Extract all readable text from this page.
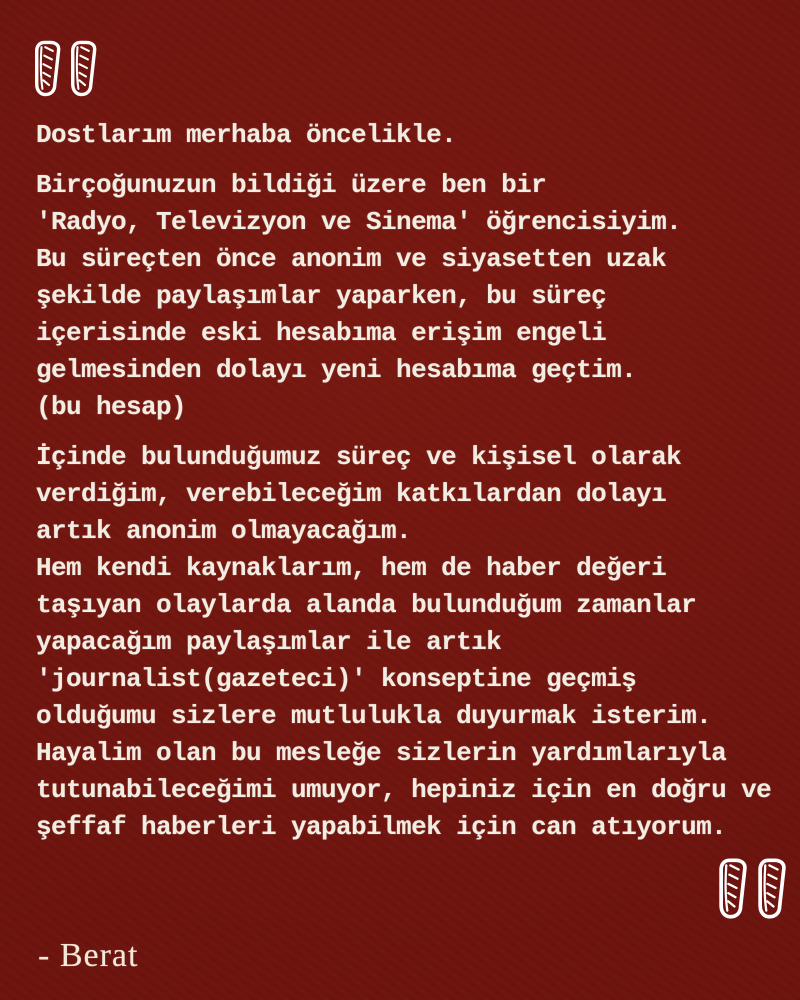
Dostlarım merhaba öncelikle.
Birçoğunuzun bildiği üzere ben bir
'Radyo, Televizyon ve Sinema' öğrencisiyim.
Bu süreçten önce anonim ve siyasetten uzak
şekilde paylaşımlar yaparken, bu süreç
içerisinde eski hesabıma erişim engeli
gelmesinden dolayı yeni hesabıma geçtim.
(bu hesap)
İçinde bulunduğumuz süreç ve kişisel olarak
verdiğim, verebileceğim katkılardan dolayı
artık anonim olmayacağım.
Hem kendi kaynaklarım, hem de haber değeri
taşıyan olaylarda alanda bulunduğum zamanlar
yapacağım paylaşımlar ile artık
'journalist(gazeteci)' konseptine geçmiş
olduğumu sizlere mutlulukla duyurmak isterim.
Hayalim olan bu mesleğe sizlerin yardımlarıyla
tutunabileceğimi umuyor, hepiniz için en doğru ve
şeffaf haberleri yapabilmek için can atıyorum.
- Berat
